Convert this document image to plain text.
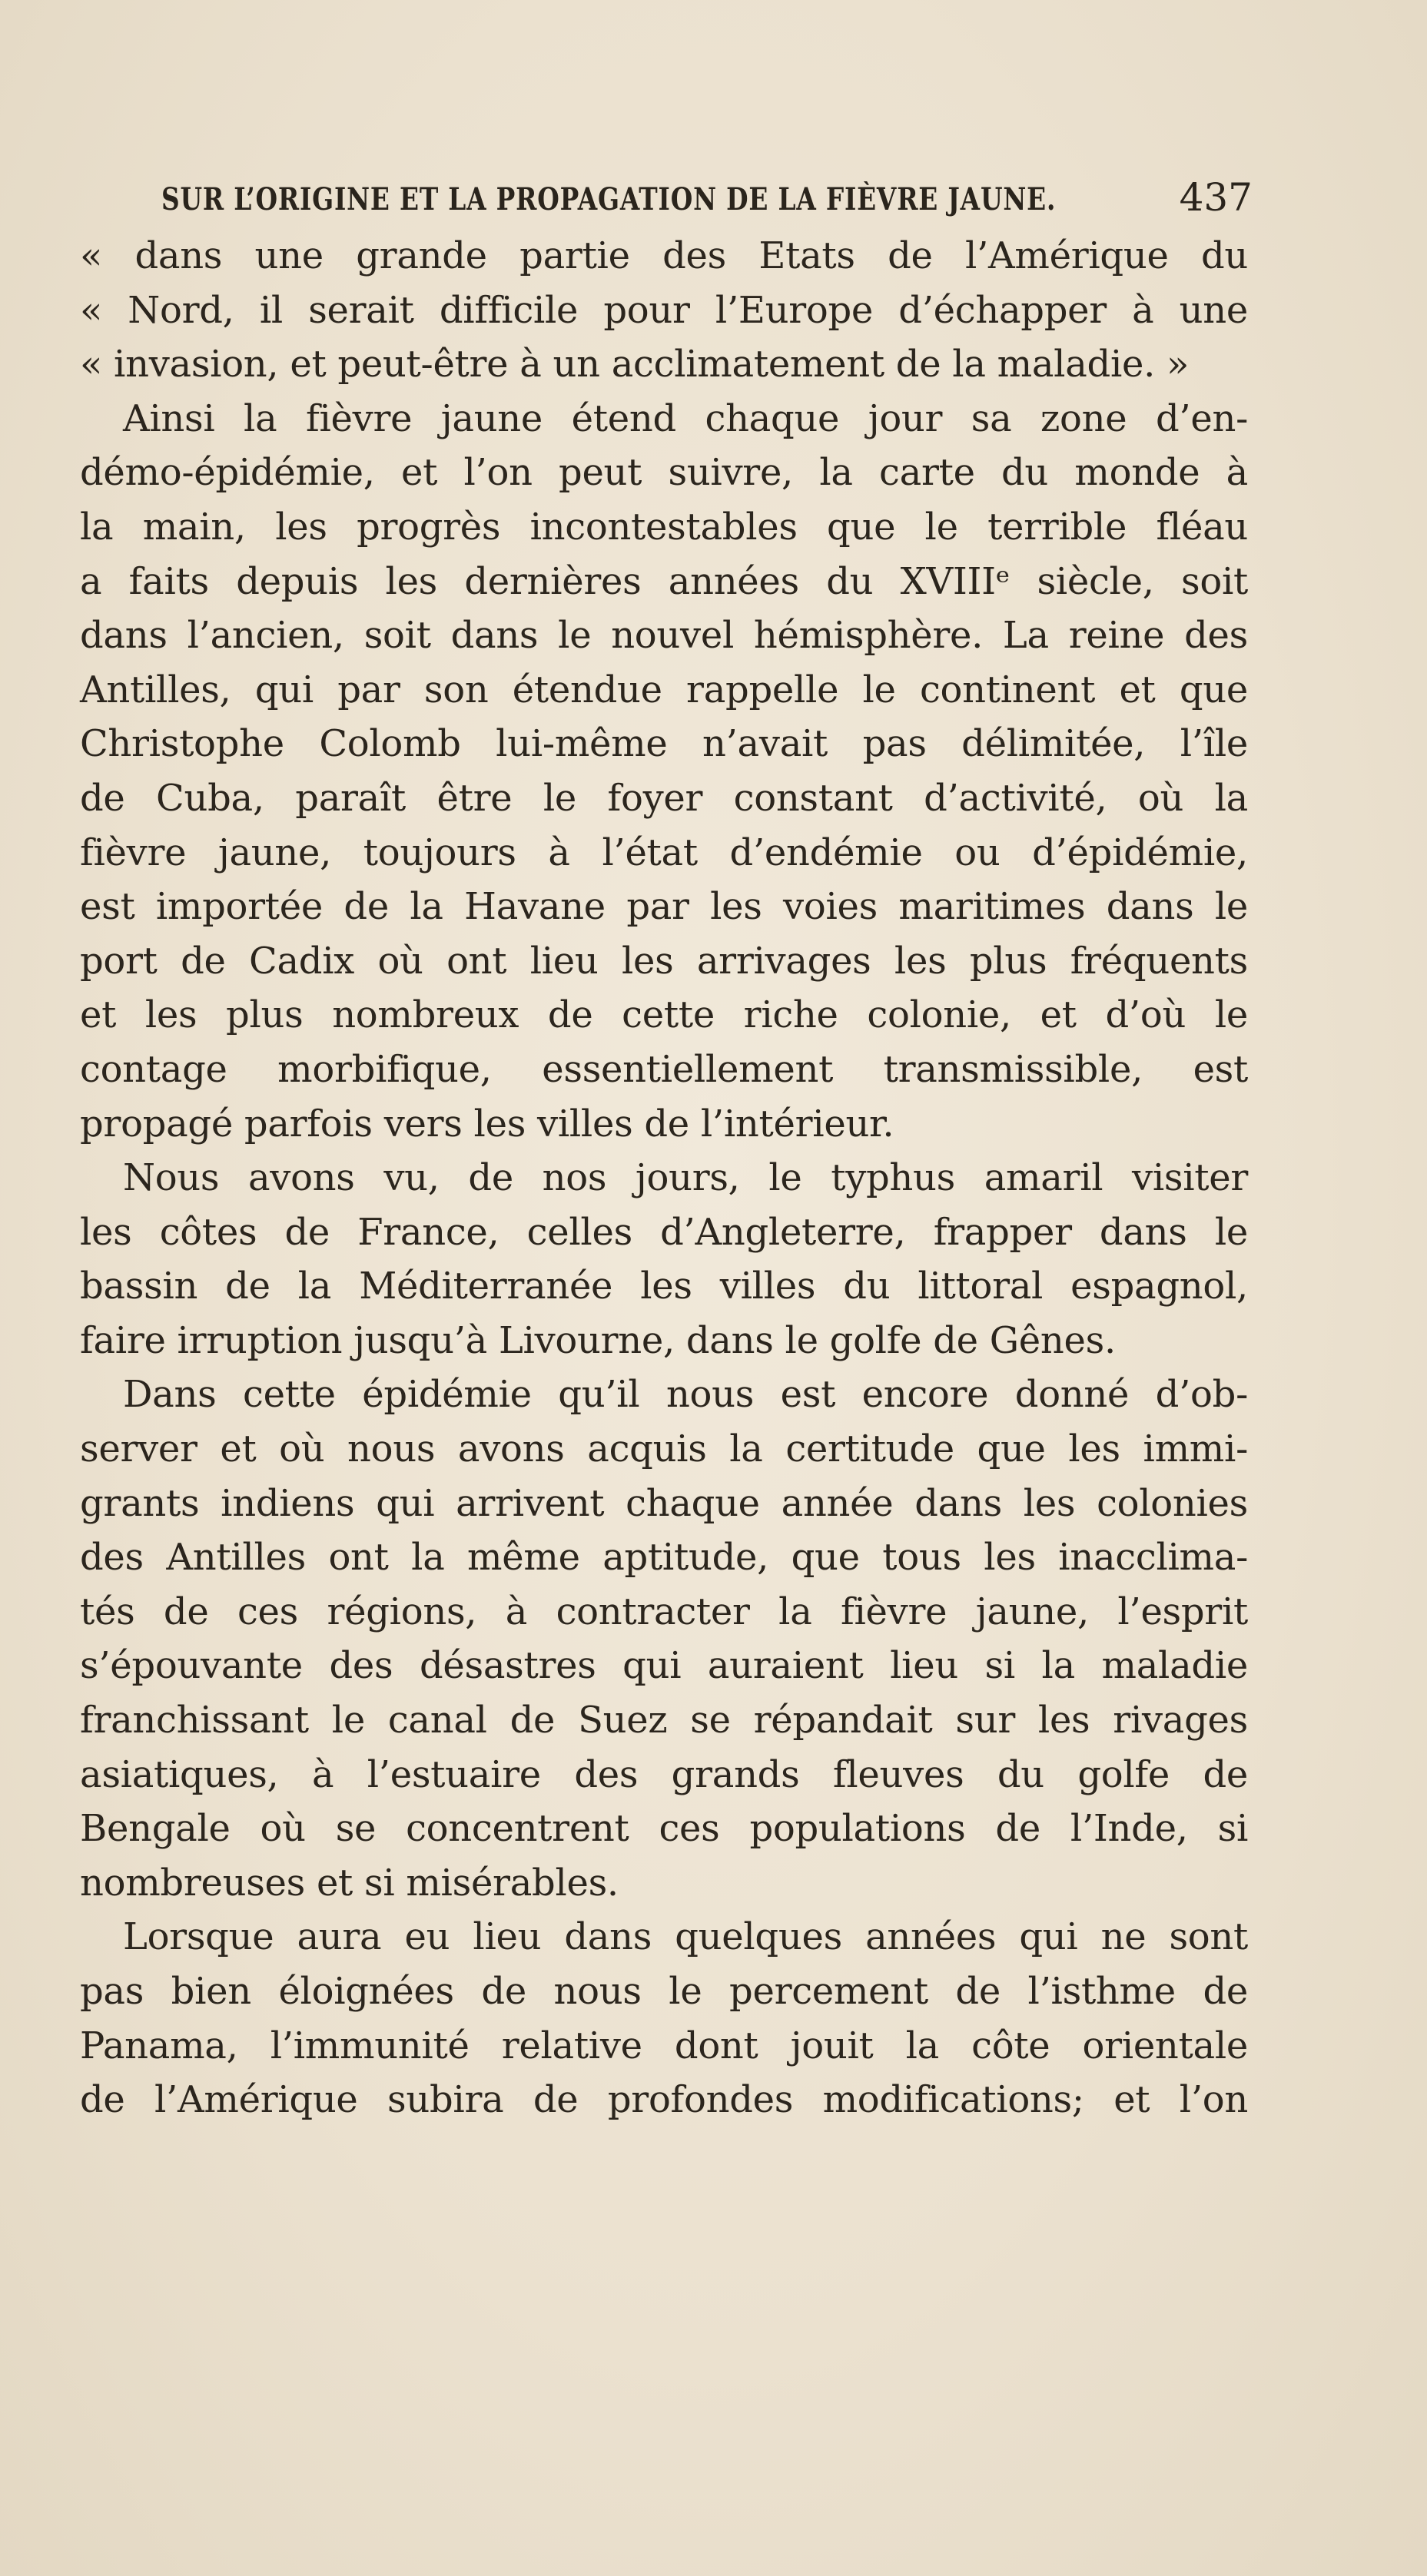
SUR L’ORIGINE ET LA PROPAGATION DE LA FIÈVRE JAUNE.	437
« dans une grande partie des Etats de l’Amérique du
« Nord, il serait difficile pour l’Europe d’échapper à une
« invasion, et peut-être à un acclimatement de la maladie. »
Ainsi la fièvre jaune étend chaque jour sa zone d’en-
démo-épidémie, et l’on peut suivre, la carte du monde à
la main, les progrès incontestables que le terrible fléau
a faits depuis les dernières années du XVIIIᵉ siècle, soit
dans l’ancien, soit dans le nouvel hémisphère. La reine des
Antilles, qui par son étendue rappelle le continent et que
Christophe Colomb lui-même n’avait pas délimitée, l’île
de Cuba, paraît être le foyer constant d’activité, où la
fièvre jaune, toujours à l’état d’endémie ou d’épidémie,
est importée de la Havane par les voies maritimes dans le
port de Cadix où ont lieu les arrivages les plus fréquents
et les plus nombreux de cette riche colonie, et d’où le
contage morbifique, essentiellement transmissible, est
propagé parfois vers les villes de l’intérieur.
Nous avons vu, de nos jours, le typhus amaril visiter
les côtes de France, celles d’Angleterre, frapper dans le
bassin de la Méditerranée les villes du littoral espagnol,
faire irruption jusqu’à Livourne, dans le golfe de Gênes.
Dans cette épidémie qu’il nous est encore donné d’ob-
server et où nous avons acquis la certitude que les immi-
grants indiens qui arrivent chaque année dans les colonies
des Antilles ont la même aptitude, que tous les inacclima-
tés de ces régions, à contracter la fièvre jaune, l’esprit
s’épouvante des désastres qui auraient lieu si la maladie
franchissant le canal de Suez se répandait sur les rivages
asiatiques, à l’estuaire des grands fleuves du golfe de
Bengale où se concentrent ces populations de l’Inde, si
nombreuses et si misérables.
Lorsque aura eu lieu dans quelques années qui ne sont
pas bien éloignées de nous le percement de l’isthme de
Panama, l’immunité relative dont jouit la côte orientale
de l’Amérique subira de profondes modifications; et l’on
